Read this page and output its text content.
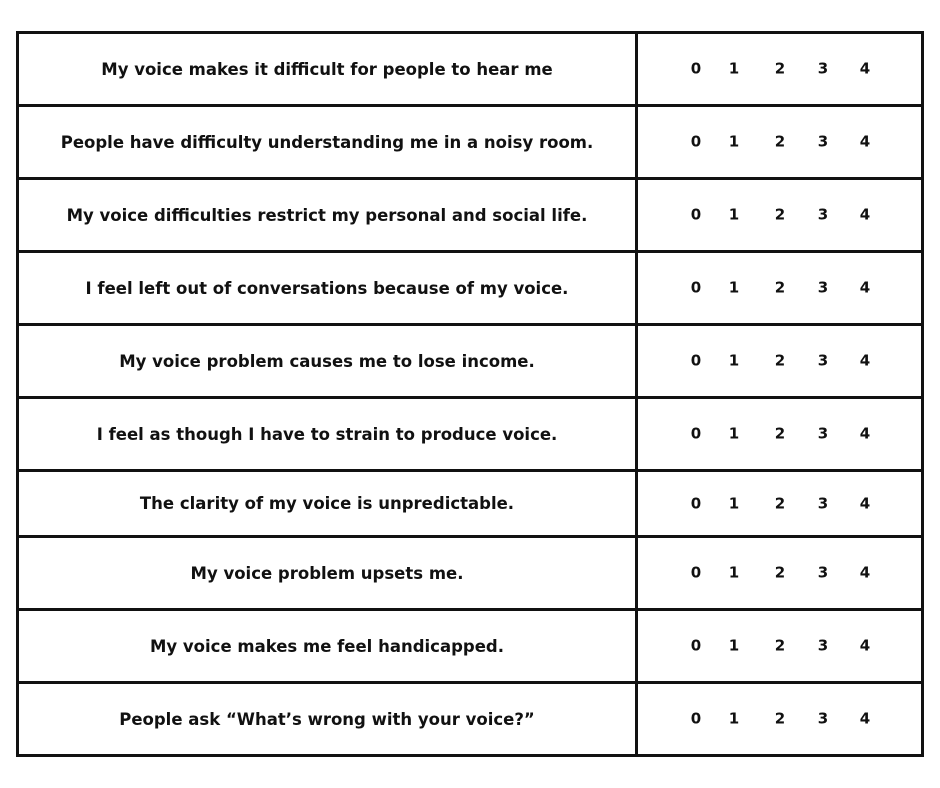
My voice makes it difficult for people to hear me	0 1 2 3 4
People have difficulty understanding me in a noisy room.	0 1 2 3 4
My voice difficulties restrict my personal and social life.	0 1 2 3 4
I feel left out of conversations because of my voice.	0 1 2 3 4
My voice problem causes me to lose income.	0 1 2 3 4
I feel as though I have to strain to produce voice.	0 1 2 3 4
The clarity of my voice is unpredictable.	0 1 2 3 4
My voice problem upsets me.	0 1 2 3 4
My voice makes me feel handicapped.	0 1 2 3 4
People ask “What’s wrong with your voice?”	0 1 2 3 4
